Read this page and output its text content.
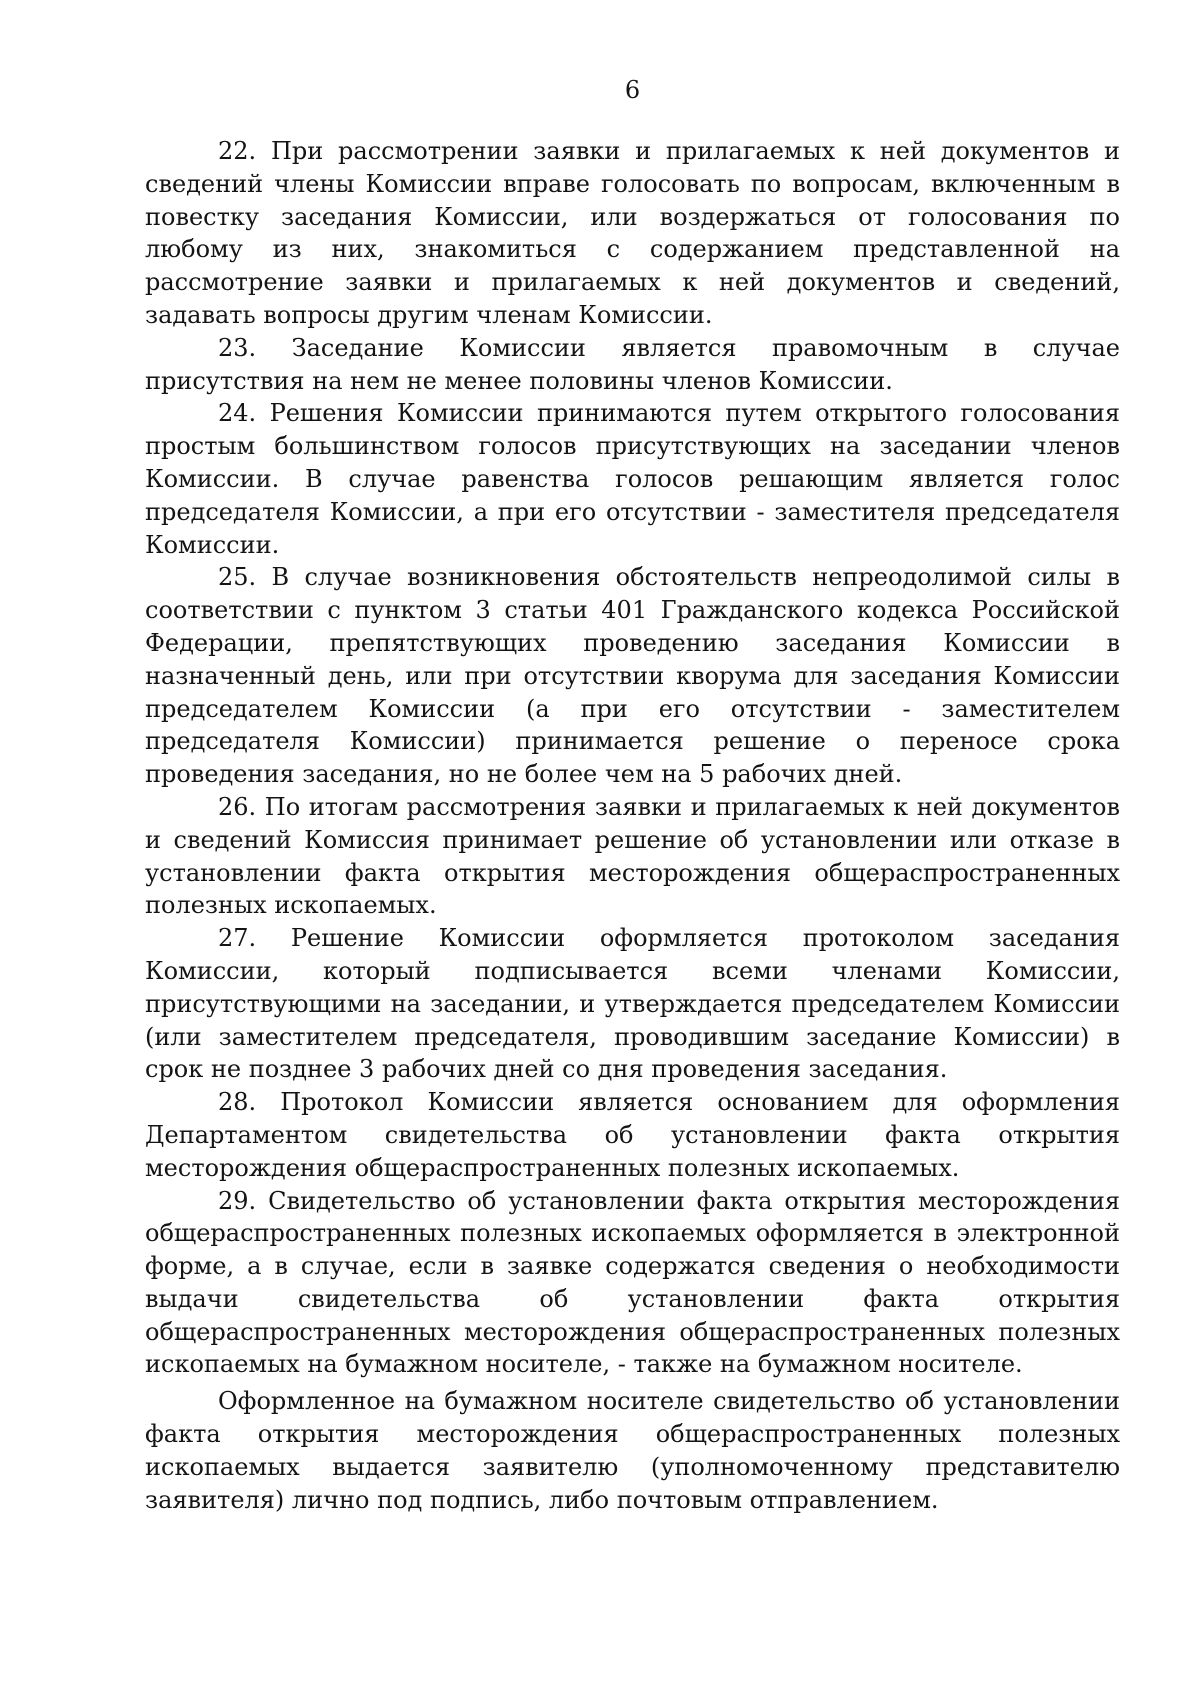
6

22. При рассмотрении заявки и прилагаемых к ней документов и сведений члены Комиссии вправе голосовать по вопросам, включенным в повестку заседания Комиссии, или воздержаться от голосования по любому из них, знакомиться с содержанием представленной на рассмотрение заявки и прилагаемых к ней документов и сведений, задавать вопросы другим членам Комиссии.

23. Заседание Комиссии является правомочным в случае присутствия на нем не менее половины членов Комиссии.

24. Решения Комиссии принимаются путем открытого голосования простым большинством голосов присутствующих на заседании членов Комиссии. В случае равенства голосов решающим является голос председателя Комиссии, а при его отсутствии - заместителя председателя Комиссии.

25. В случае возникновения обстоятельств непреодолимой силы в соответствии с пунктом 3 статьи 401 Гражданского кодекса Российской Федерации, препятствующих проведению заседания Комиссии в назначенный день, или при отсутствии кворума для заседания Комиссии председателем Комиссии (а при его отсутствии - заместителем председателя Комиссии) принимается решение о переносе срока проведения заседания, но не более чем на 5 рабочих дней.

26. По итогам рассмотрения заявки и прилагаемых к ней документов и сведений Комиссия принимает решение об установлении или отказе в установлении факта открытия месторождения общераспространенных полезных ископаемых.

27. Решение Комиссии оформляется протоколом заседания Комиссии, который подписывается всеми членами Комиссии, присутствующими на заседании, и утверждается председателем Комиссии (или заместителем председателя, проводившим заседание Комиссии) в срок не позднее 3 рабочих дней со дня проведения заседания.

28. Протокол Комиссии является основанием для оформления Департаментом свидетельства об установлении факта открытия месторождения общераспространенных полезных ископаемых.

29. Свидетельство об установлении факта открытия месторождения общераспространенных полезных ископаемых оформляется в электронной форме, а в случае, если в заявке содержатся сведения о необходимости выдачи свидетельства об установлении факта открытия общераспространенных месторождения общераспространенных полезных ископаемых на бумажном носителе, - также на бумажном носителе.

Оформленное на бумажном носителе свидетельство об установлении факта открытия месторождения общераспространенных полезных ископаемых выдается заявителю (уполномоченному представителю заявителя) лично под подпись, либо почтовым отправлением.
